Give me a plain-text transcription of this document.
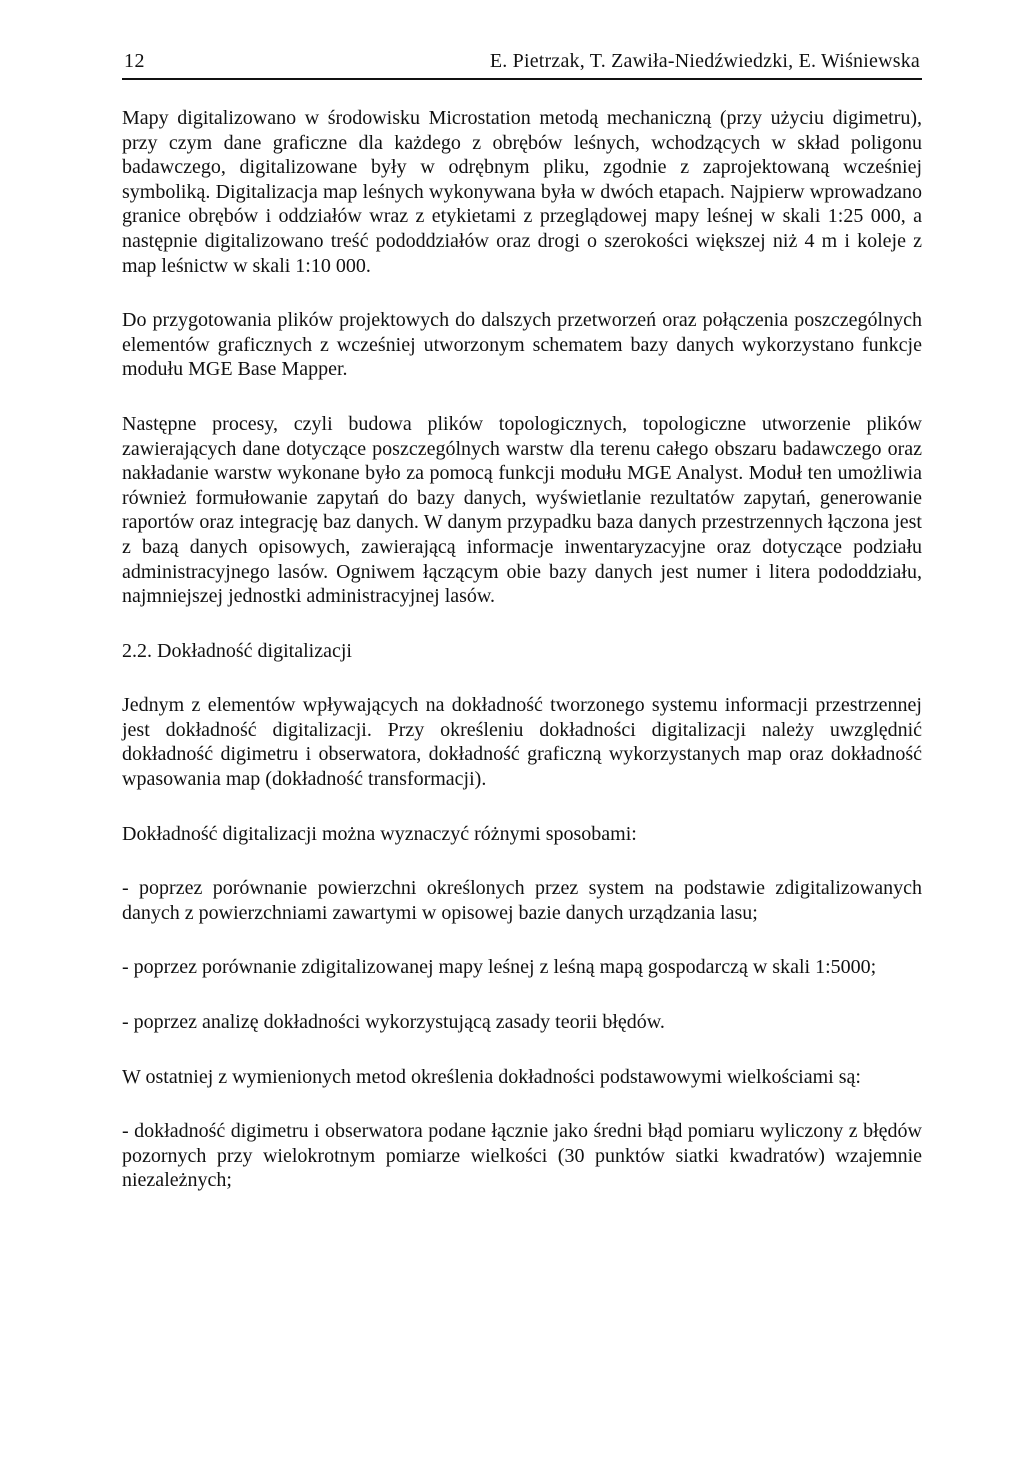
12	E. Pietrzak, T. Zawiła-Niedźwiedzki, E. Wiśniewska

Mapy digitalizowano w środowisku Microstation metodą mechaniczną (przy użyciu digimetru), przy czym dane graficzne dla każdego z obrębów leśnych, wchodzących w skład poligonu badawczego, digitalizowane były w odrębnym pliku, zgodnie z zaprojektowaną wcześniej symboliką. Digitalizacja map leśnych wykonywana była w dwóch etapach. Najpierw wprowadzano granice obrębów i oddziałów wraz z etykietami z przeglądowej mapy leśnej w skali 1:25 000, a następnie digitalizowano treść pododdziałów oraz drogi o szerokości większej niż 4 m i koleje z map leśnictw w skali 1:10 000.

Do przygotowania plików projektowych do dalszych przetworzeń oraz połączenia poszczególnych elementów graficznych z wcześniej utworzonym schematem bazy danych wykorzystano funkcje modułu MGE Base Mapper.

Następne procesy, czyli budowa plików topologicznych, topologiczne utworzenie plików zawierających dane dotyczące poszczególnych warstw dla terenu całego obszaru badawczego oraz nakładanie warstw wykonane było za pomocą funkcji modułu MGE Analyst. Moduł ten umożliwia również formułowanie zapytań do bazy danych, wyświetlanie rezultatów zapytań, generowanie raportów oraz integrację baz danych. W danym przypadku baza danych przestrzennych łączona jest z bazą danych opisowych, zawierającą informacje inwentaryzacyjne oraz dotyczące podziału administracyjnego lasów. Ogniwem łączącym obie bazy danych jest numer i litera pododdziału, najmniejszej jednostki administracyjnej lasów.

2.2. Dokładność digitalizacji

Jednym z elementów wpływających na dokładność tworzonego systemu informacji przestrzennej jest dokładność digitalizacji. Przy określeniu dokładności digitalizacji należy uwzględnić dokładność digimetru i obserwatora, dokładność graficzną wykorzystanych map oraz dokładność wpasowania map (dokładność transformacji).

Dokładność digitalizacji można wyznaczyć różnymi sposobami:

- poprzez porównanie powierzchni określonych przez system na podstawie zdigitalizowanych danych z powierzchniami zawartymi w opisowej bazie danych urządzania lasu;

- poprzez porównanie zdigitalizowanej mapy leśnej z leśną mapą gospodarczą w skali 1:5000;

- poprzez analizę dokładności wykorzystującą zasady teorii błędów.

W ostatniej z wymienionych metod określenia dokładności podstawowymi wielkościami są:

- dokładność digimetru i obserwatora podane łącznie jako średni błąd pomiaru wyliczony z błędów pozornych przy wielokrotnym pomiarze wielkości (30 punktów siatki kwadratów) wzajemnie niezależnych;
